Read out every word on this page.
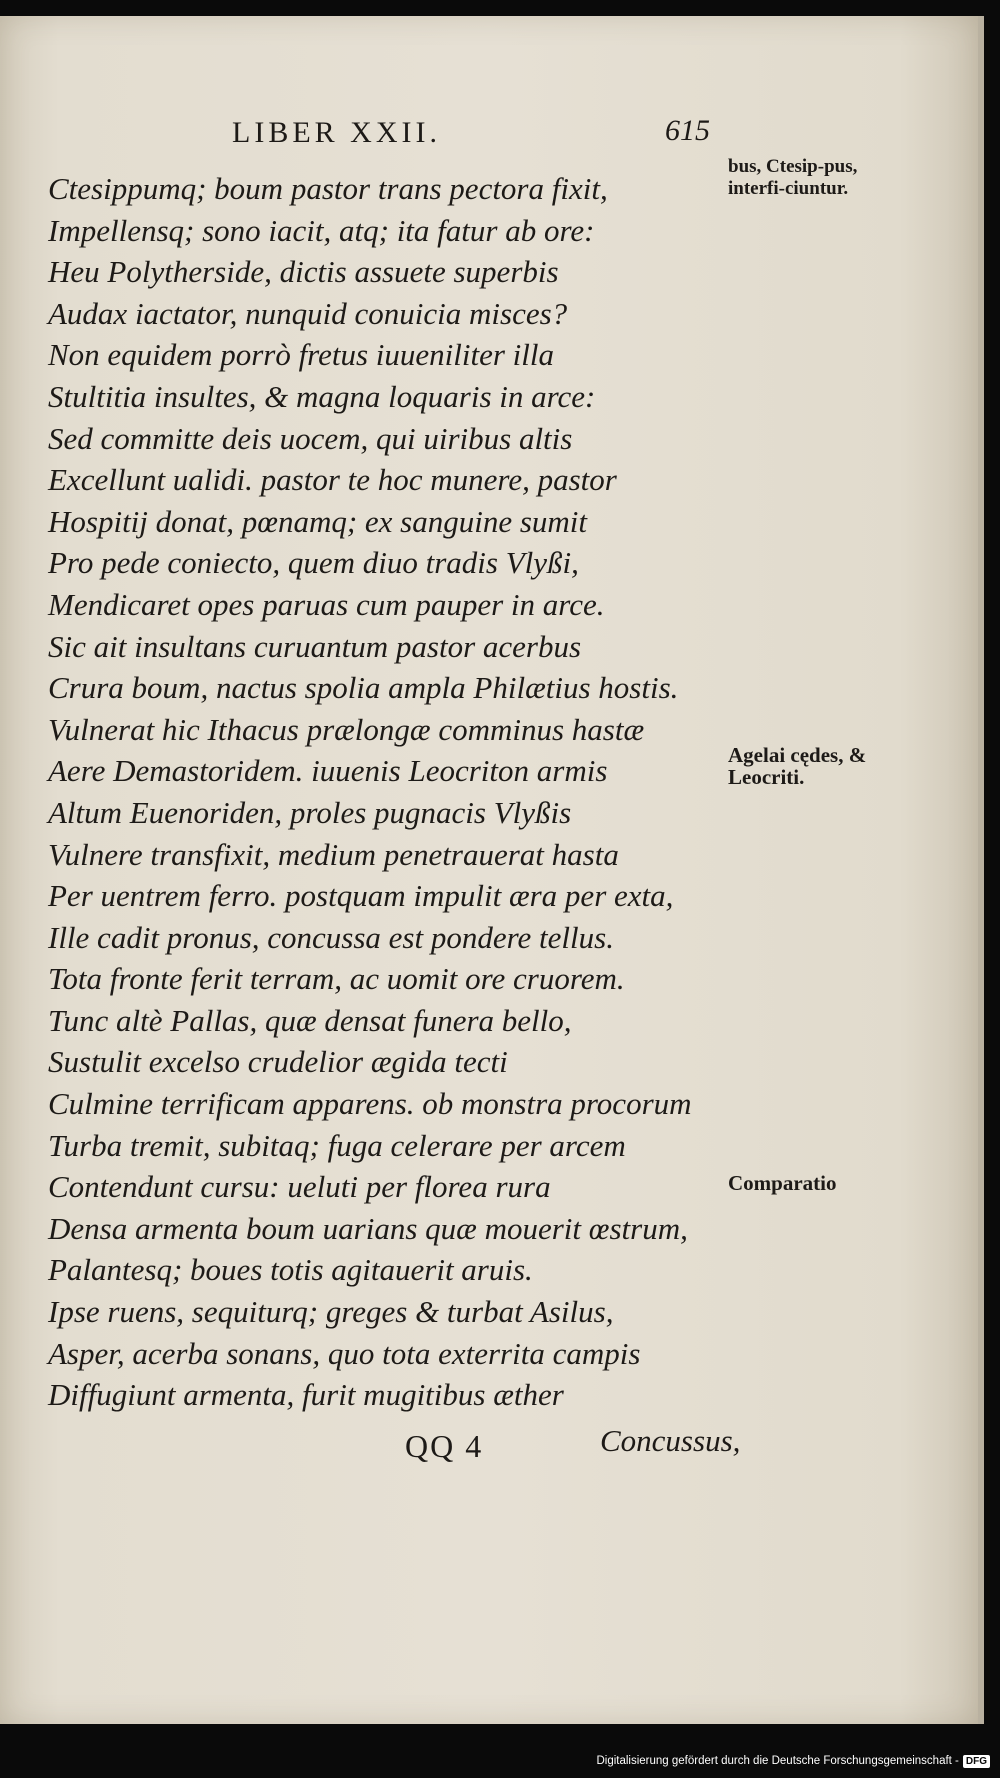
LIBER XXII.	615
Ctesippumq; boum pastor trans pectora fixit,
Impellensq; sono iacit, atq; ita fatur ab ore:
Heu Polytherside, dictis assuete superbis
Audax iactator, nunquid conuicia misces?
Non equidem porrò fretus iuueniliter illa
Stultitia insultes, & magna loquaris in arce:
Sed committe deis uocem, qui uiribus altis
Excellunt ualidi. pastor te hoc munere, pastor
Hospitij donat, pœnamq; ex sanguine sumit
Pro pede coniecto, quem diuo tradis Vlyßi,
Mendicaret opes paruas cum pauper in arce.
Sic ait insultans curuantum pastor acerbus
Crura boum, nactus spolia ampla Philætius hostis.
Vulnerat hic Ithacus prælongæ comminus hastæ
Aere Demastoridem. iuuenis Leocriton armis
Altum Euenoriden, proles pugnacis Vlyßis
Vulnere transfixit, medium penetrauerat hasta
Per uentrem ferro. postquam impulit æra per exta,
Ille cadit pronus, concussa est pondere tellus.
Tota fronte ferit terram, ac uomit ore cruorem.
Tunc altè Pallas, quæ densat funera bello,
Sustulit excelso crudelior ægida tecti
Culmine terrificam apparens. ob monstra procorum
Turba tremit, subitaq; fuga celerare per arcem
Contendunt cursu: ueluti per florea rura
Densa armenta boum uarians quæ mouerit œstrum,
Palantesq; boues totis agitauerit aruis.
Ipse ruens, sequiturq; greges & turbat Asilus,
Asper, acerba sonans, quo tota exterrita campis
Diffugiunt armenta, furit mugitibus æther
bus, Ctesip-pus, interfi-ciuntur.
Agelai cędes, & Leocriti.
Comparatio
QQ 4	Concussus,
Digitalisierung gefördert durch die Deutsche Forschungsgemeinschaft - DFG
